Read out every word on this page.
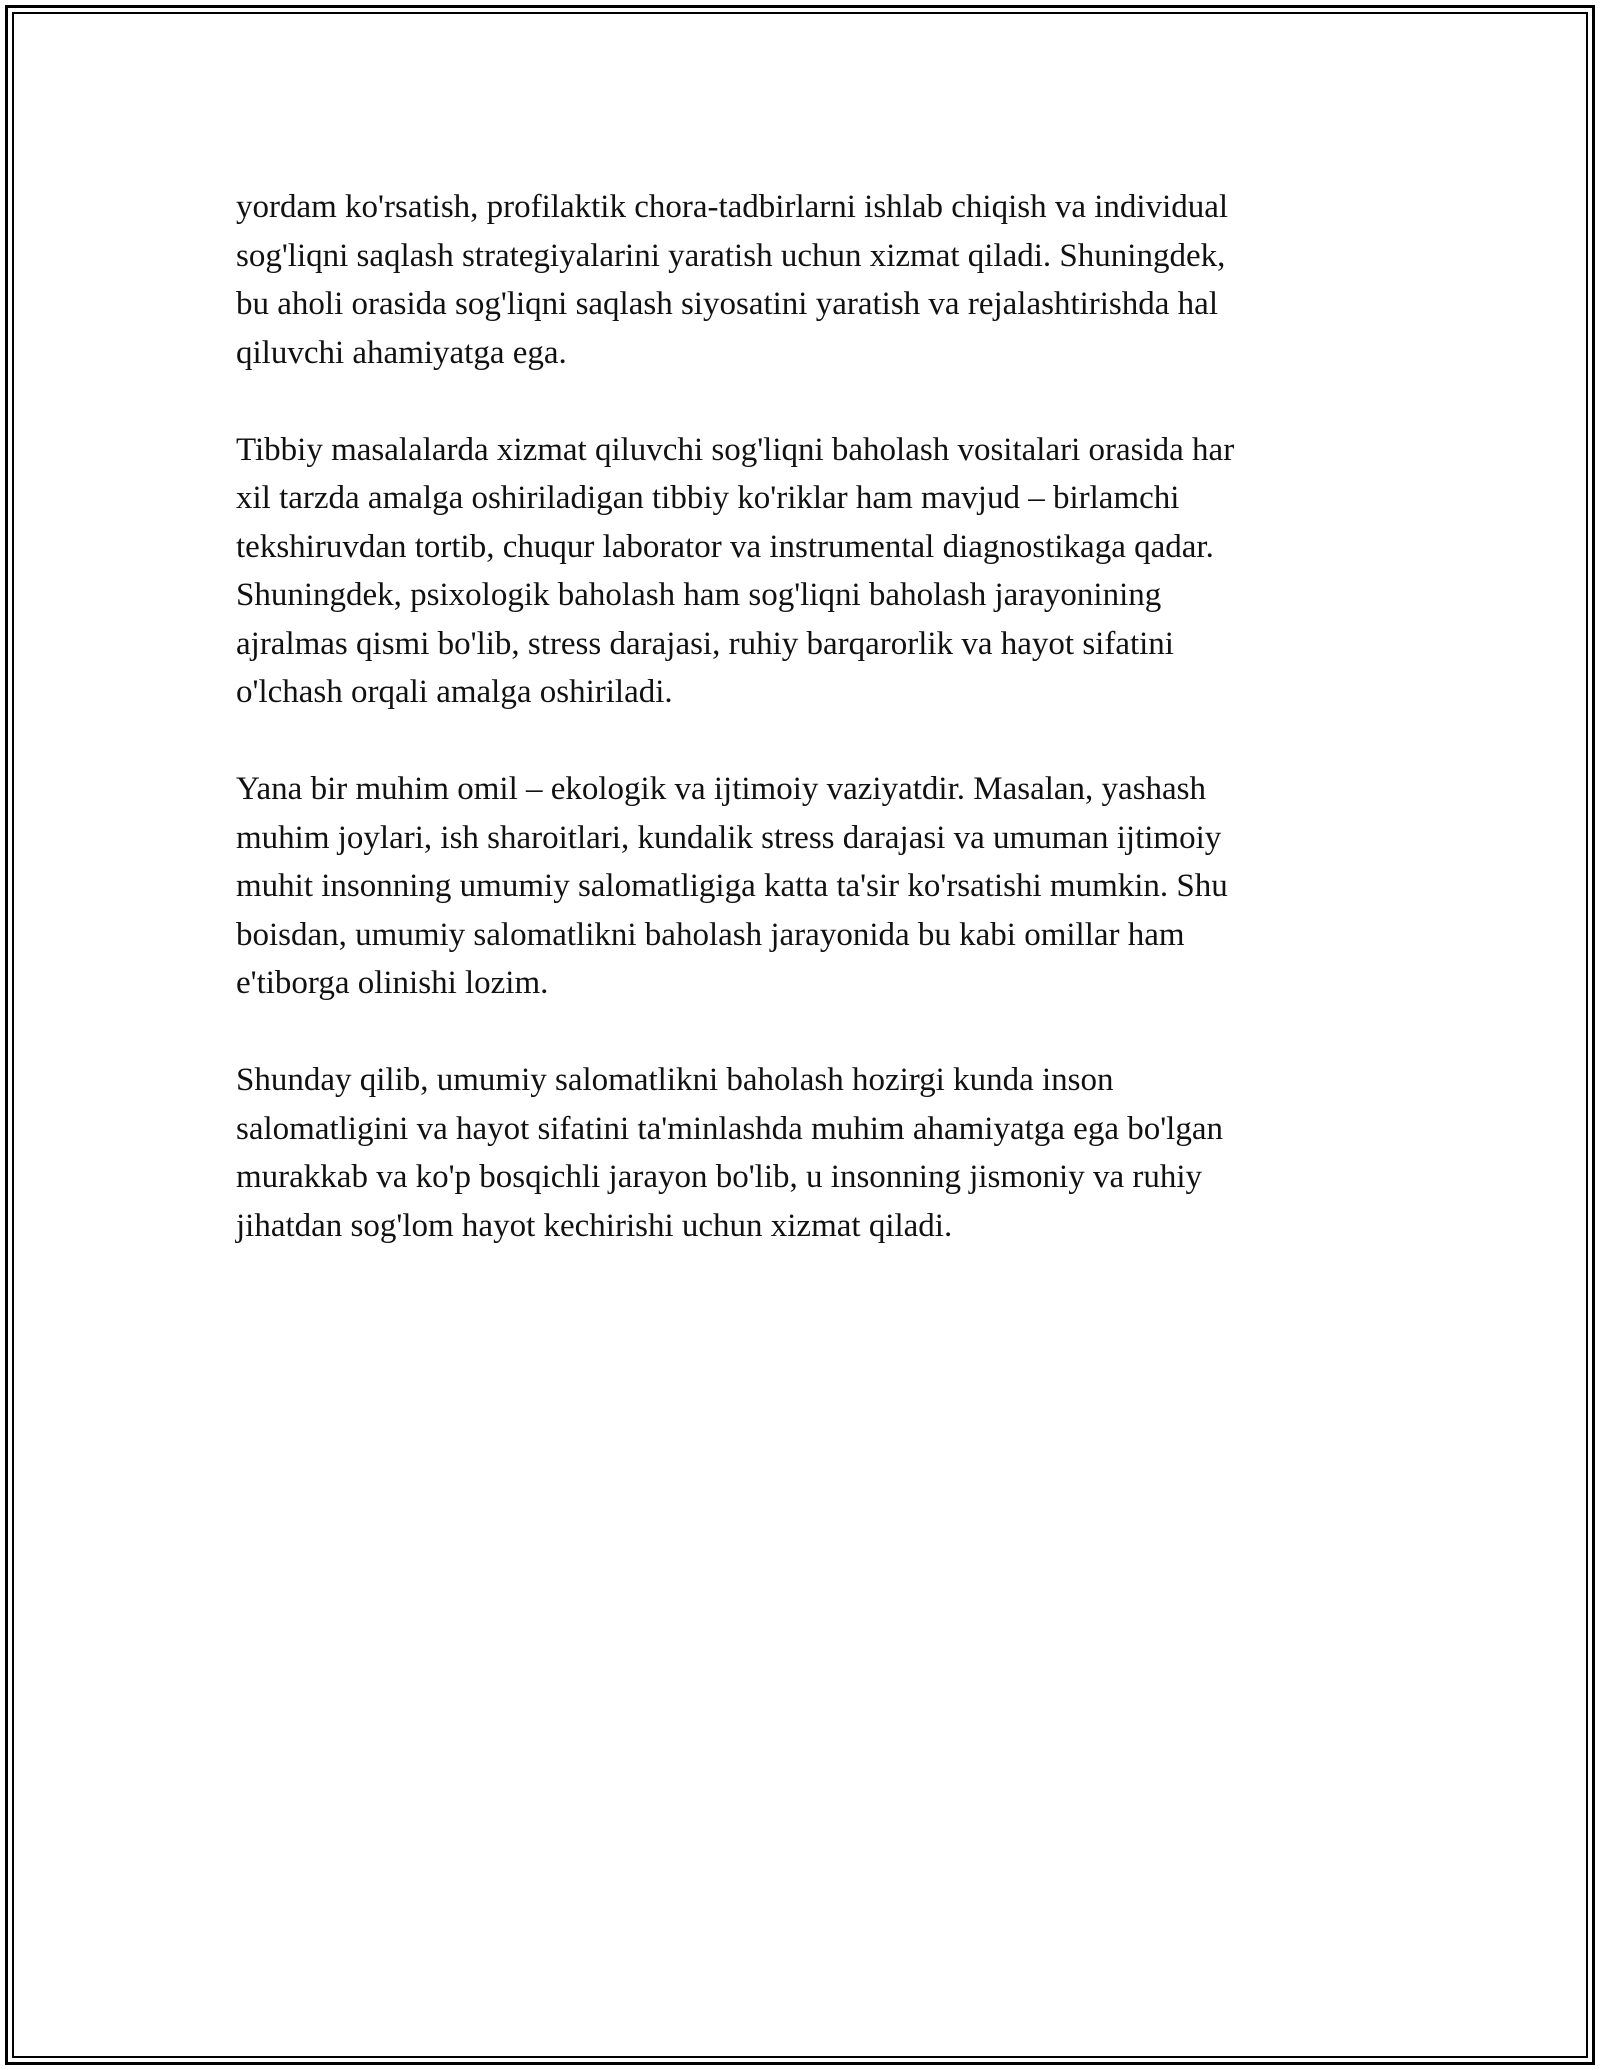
yordam ko'rsatish, profilaktik chora-tadbirlarni ishlab chiqish va individual
sog'liqni saqlash strategiyalarini yaratish uchun xizmat qiladi. Shuningdek,
bu aholi orasida sog'liqni saqlash siyosatini yaratish va rejalashtirishda hal
qiluvchi ahamiyatga ega.

Tibbiy masalalarda xizmat qiluvchi sog'liqni baholash vositalari orasida har
xil tarzda amalga oshiriladigan tibbiy ko'riklar ham mavjud – birlamchi
tekshiruvdan tortib, chuqur laborator va instrumental diagnostikaga qadar.
Shuningdek, psixologik baholash ham sog'liqni baholash jarayonining
ajralmas qismi bo'lib, stress darajasi, ruhiy barqarorlik va hayot sifatini
o'lchash orqali amalga oshiriladi.

Yana bir muhim omil – ekologik va ijtimoiy vaziyatdir. Masalan, yashash
muhim joylari, ish sharoitlari, kundalik stress darajasi va umuman ijtimoiy
muhit insonning umumiy salomatligiga katta ta'sir ko'rsatishi mumkin. Shu
boisdan, umumiy salomatlikni baholash jarayonida bu kabi omillar ham
e'tiborga olinishi lozim.

Shunday qilib, umumiy salomatlikni baholash hozirgi kunda inson
salomatligini va hayot sifatini ta'minlashda muhim ahamiyatga ega bo'lgan
murakkab va ko'p bosqichli jarayon bo'lib, u insonning jismoniy va ruhiy
jihatdan sog'lom hayot kechirishi uchun xizmat qiladi.
